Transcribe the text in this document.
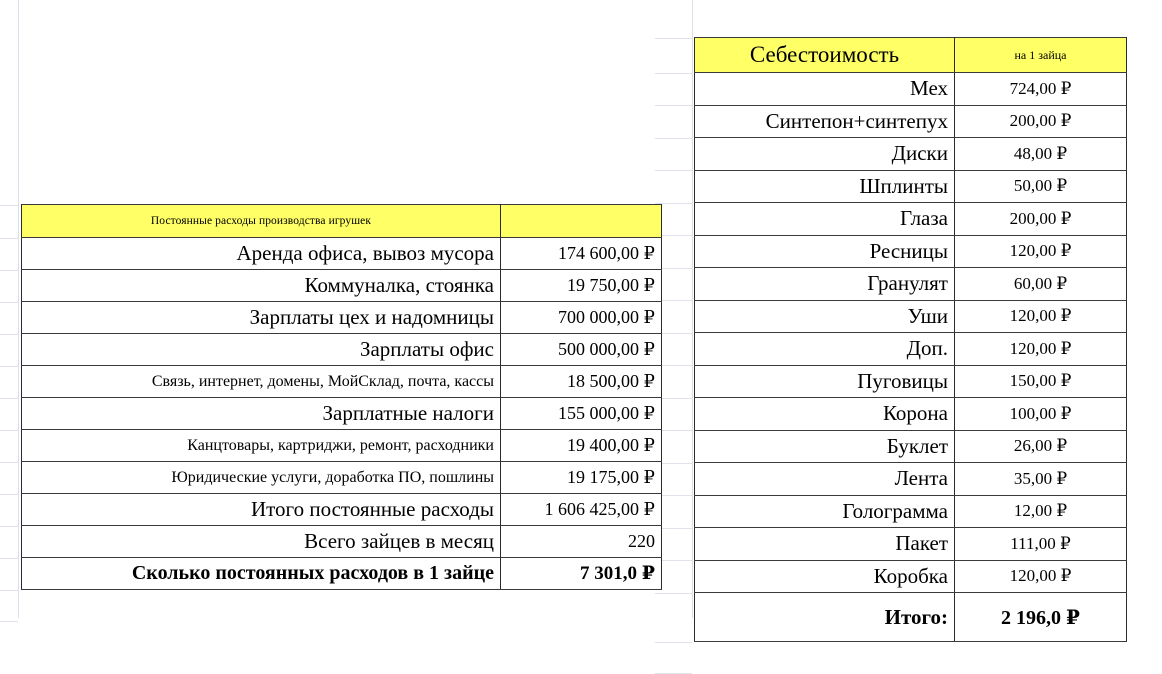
Постоянные расходы производства игрушек	
Аренда офиса, вывоз мусора	174 600,00 ₽
Коммуналка, стоянка	19 750,00 ₽
Зарплаты цех и надомницы	700 000,00 ₽
Зарплаты офис	500 000,00 ₽
Связь, интернет, домены, МойСклад, почта, кассы	18 500,00 ₽
Зарплатные налоги	155 000,00 ₽
Канцтовары, картриджи, ремонт, расходники	19 400,00 ₽
Юридические услуги, доработка ПО, пошлины	19 175,00 ₽
Итого постоянные расходы	1 606 425,00 ₽
Всего зайцев в месяц	220
Сколько постоянных расходов в 1 зайце	7 301,0 ₽
Себестоимость	на 1 зайца
Мех	724,00 ₽
Синтепон+синтепух	200,00 ₽
Диски	48,00 ₽
Шплинты	50,00 ₽
Глаза	200,00 ₽
Ресницы	120,00 ₽
Гранулят	60,00 ₽
Уши	120,00 ₽
Доп.	120,00 ₽
Пуговицы	150,00 ₽
Корона	100,00 ₽
Буклет	26,00 ₽
Лента	35,00 ₽
Голограмма	12,00 ₽
Пакет	111,00 ₽
Коробка	120,00 ₽
Итого:	2 196,0 ₽
